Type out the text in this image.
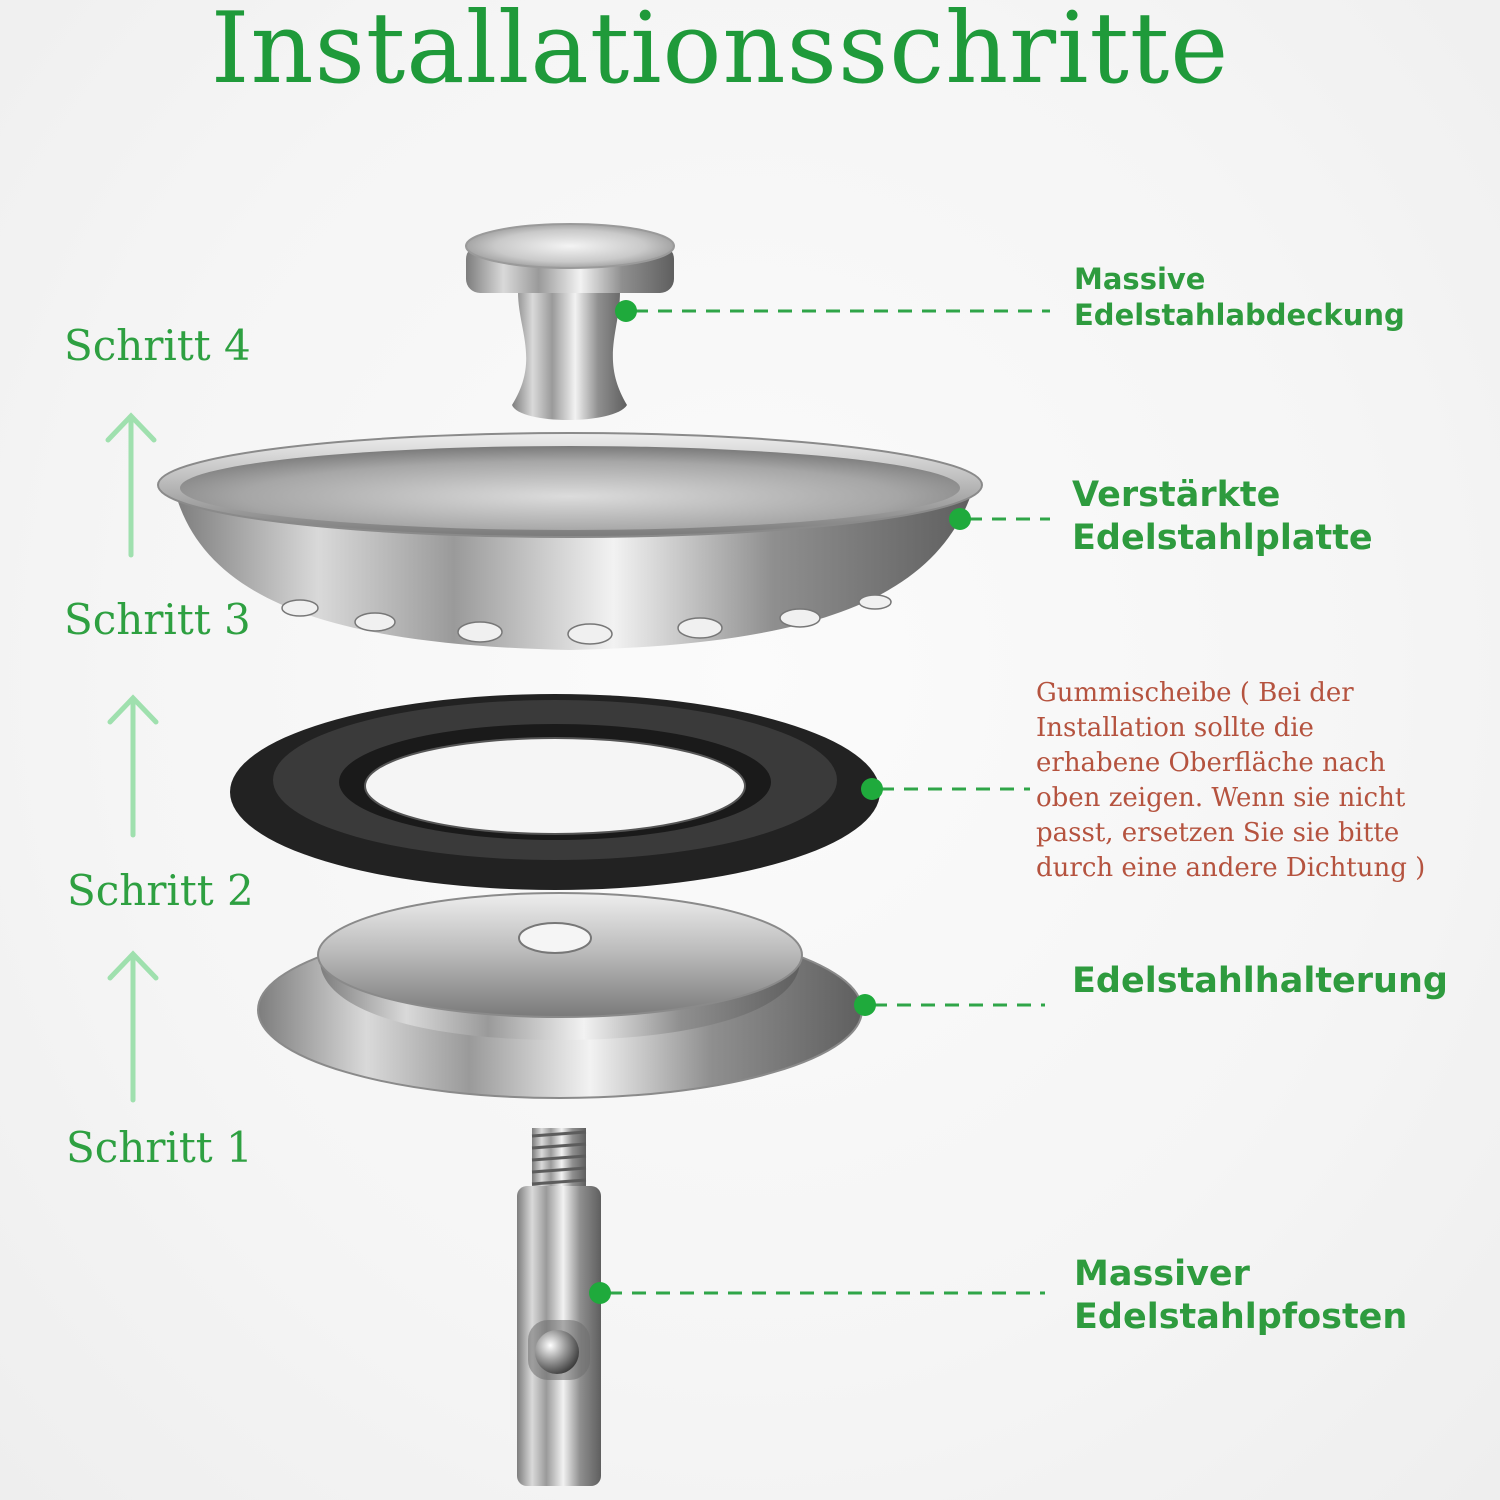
Installationsschritte
Schritt 4
Schritt 3
Schritt 2
Schritt 1
Massive
Edelstahlabdeckung
Verstärkte
Edelstahlplatte
Gummischeibe ( Bei der
Installation sollte die
erhabene Oberfläche nach
oben zeigen. Wenn sie nicht
passt, ersetzen Sie sie bitte
durch eine andere Dichtung )
Edelstahlhalterung
Massiver
Edelstahlpfosten
